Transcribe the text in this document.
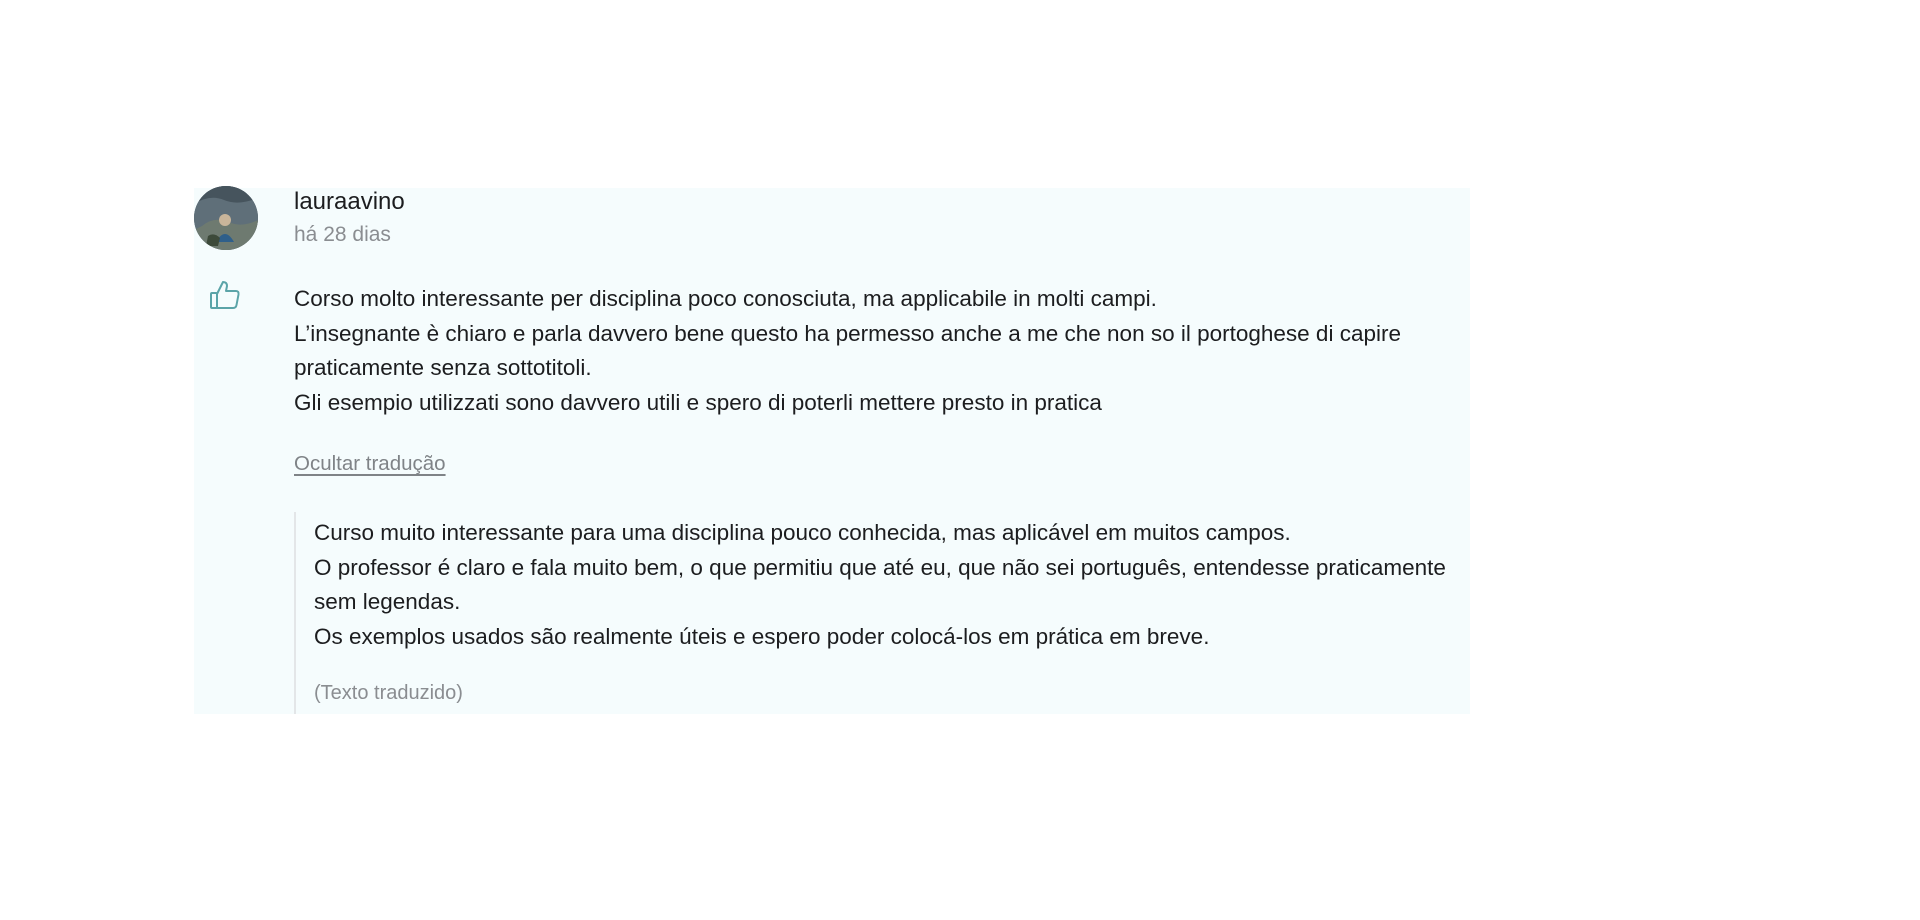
lauraavino
há 28 dias

Corso molto interessante per disciplina poco conosciuta, ma applicabile in molti campi.

L’insegnante è chiaro e parla davvero bene questo ha permesso anche a me che non so il portoghese di capire praticamente senza sottotitoli.

Gli esempio utilizzati sono davvero utili e spero di poterli mettere presto in pratica

Ocultar tradução

Curso muito interessante para uma disciplina pouco conhecida, mas aplicável em muitos campos.

O professor é claro e fala muito bem, o que permitiu que até eu, que não sei português, entendesse praticamente sem legendas.

Os exemplos usados são realmente úteis e espero poder colocá-los em prática em breve.

(Texto traduzido)
